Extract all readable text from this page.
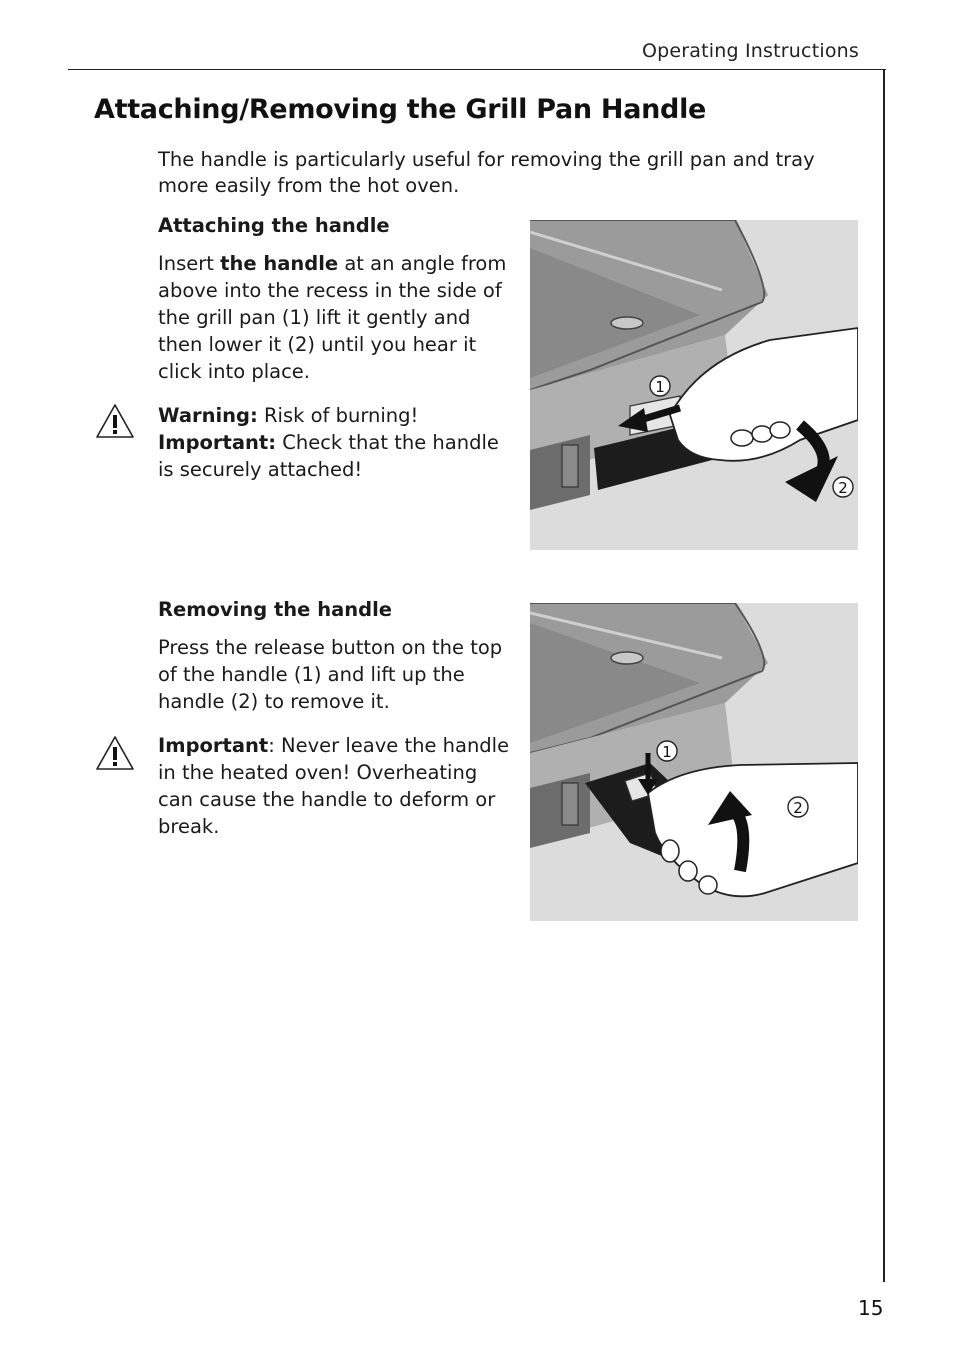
Operating Instructions
Attaching/Removing the Grill Pan Handle

The handle is particularly useful for removing the grill pan and tray more easily from the hot oven.

Attaching the handle

Insert the handle at an angle from above into the recess in the side of the grill pan (1) lift it gently and then lower it (2) until you hear it click into place.

Warning: Risk of burning!
Important: Check that the handle is securely attached!

1
2
Removing the handle

Press the release button on the top of the handle (1) and lift up the handle (2) to remove it.

Important: Never leave the handle in the heated oven! Overheating can cause the handle to deform or break.

1
2
15
